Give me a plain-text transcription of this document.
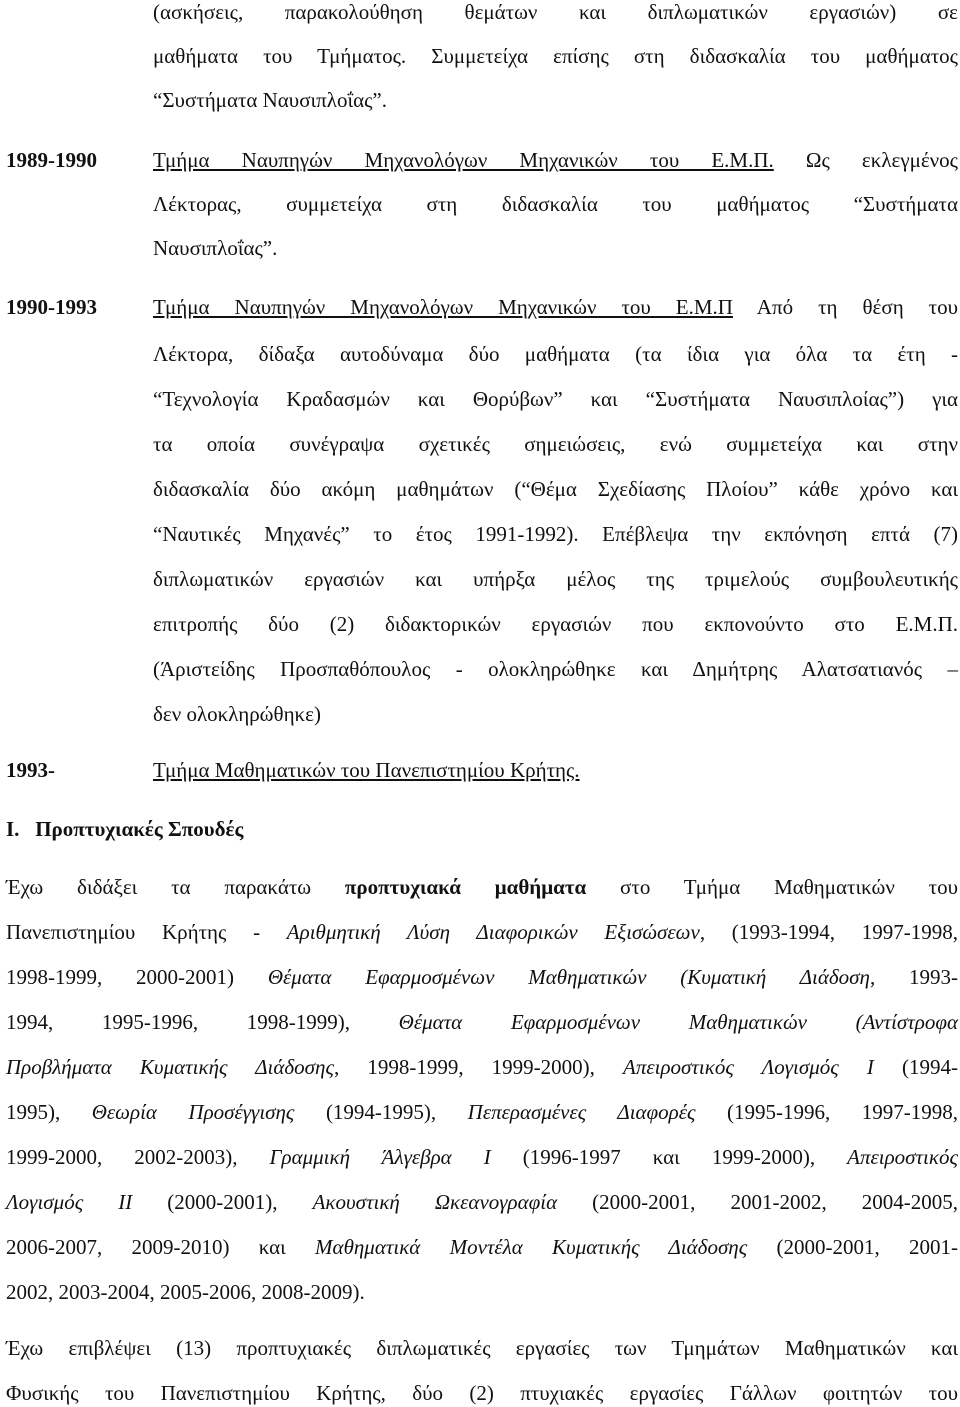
(ασκήσεις, παρακολούθηση θεμάτων και διπλωματικών εργασιών) σε
μαθήματα του Τμήματος. Συμμετείχα επίσης στη διδασκαλία του μαθήματος
“Συστήματα Ναυσιπλοΐας”.
1989-1990	Τμήμα Ναυπηγών Μηχανολόγων Μηχανικών του Ε.Μ.Π. Ως εκλεγμένος
Λέκτορας, συμμετείχα στη διδασκαλία του μαθήματος “Συστήματα
Ναυσιπλοΐας”.
1990-1993	Τμήμα Ναυπηγών Μηχανολόγων Μηχανικών του Ε.Μ.Π Από τη θέση του
Λέκτορα, δίδαξα αυτοδύναμα δύο μαθήματα (τα ίδια για όλα τα έτη -
“Τεχνολογία Κραδασμών και Θορύβων” και “Συστήματα Ναυσιπλοίας”) για
τα οποία συνέγραψα σχετικές σημειώσεις, ενώ συμμετείχα και στην
διδασκαλία δύο ακόμη μαθημάτων (“Θέμα Σχεδίασης Πλοίου” κάθε χρόνο και
“Ναυτικές Μηχανές” το έτος 1991-1992). Επέβλεψα την εκπόνηση επτά (7)
διπλωματικών εργασιών και υπήρξα μέλος της τριμελούς συμβουλευτικής
επιτροπής δύο (2) διδακτορικών εργασιών που εκπονούντο στο Ε.Μ.Π.
(Άριστείδης Προσπαθόπουλος - ολοκληρώθηκε και Δημήτρης Αλατσατιανός –
δεν ολοκληρώθηκε)
1993-	Τμήμα Μαθηματικών του Πανεπιστημίου Κρήτης.
Ι. Προπτυχιακές Σπουδές
Έχω διδάξει τα παρακάτω προπτυχιακά μαθήματα στο Τμήμα Μαθηματικών του
Πανεπιστημίου Κρήτης - Αριθμητική Λύση Διαφορικών Εξισώσεων, (1993-1994, 1997-1998,
1998-1999, 2000-2001) Θέματα Εφαρμοσμένων Μαθηματικών (Κυματική Διάδοση, 1993-
1994, 1995-1996, 1998-1999), Θέματα Εφαρμοσμένων Μαθηματικών (Αντίστροφα
Προβλήματα Κυματικής Διάδοσης, 1998-1999, 1999-2000), Απειροστικός Λογισμός Ι (1994-
1995), Θεωρία Προσέγγισης (1994-1995), Πεπερασμένες Διαφορές (1995-1996, 1997-1998,
1999-2000, 2002-2003), Γραμμική Άλγεβρα Ι (1996-1997 και 1999-2000), Απειροστικός
Λογισμός ΙΙ (2000-2001), Ακουστική Ωκεανογραφία (2000-2001, 2001-2002, 2004-2005,
2006-2007, 2009-2010) και Μαθηματικά Μοντέλα Κυματικής Διάδοσης (2000-2001, 2001-
2002, 2003-2004, 2005-2006, 2008-2009).
Έχω επιβλέψει (13) προπτυχιακές διπλωματικές εργασίες των Τμημάτων Μαθηματικών και
Φυσικής του Πανεπιστημίου Κρήτης, δύο (2) πτυχιακές εργασίες Γάλλων φοιτητών του
